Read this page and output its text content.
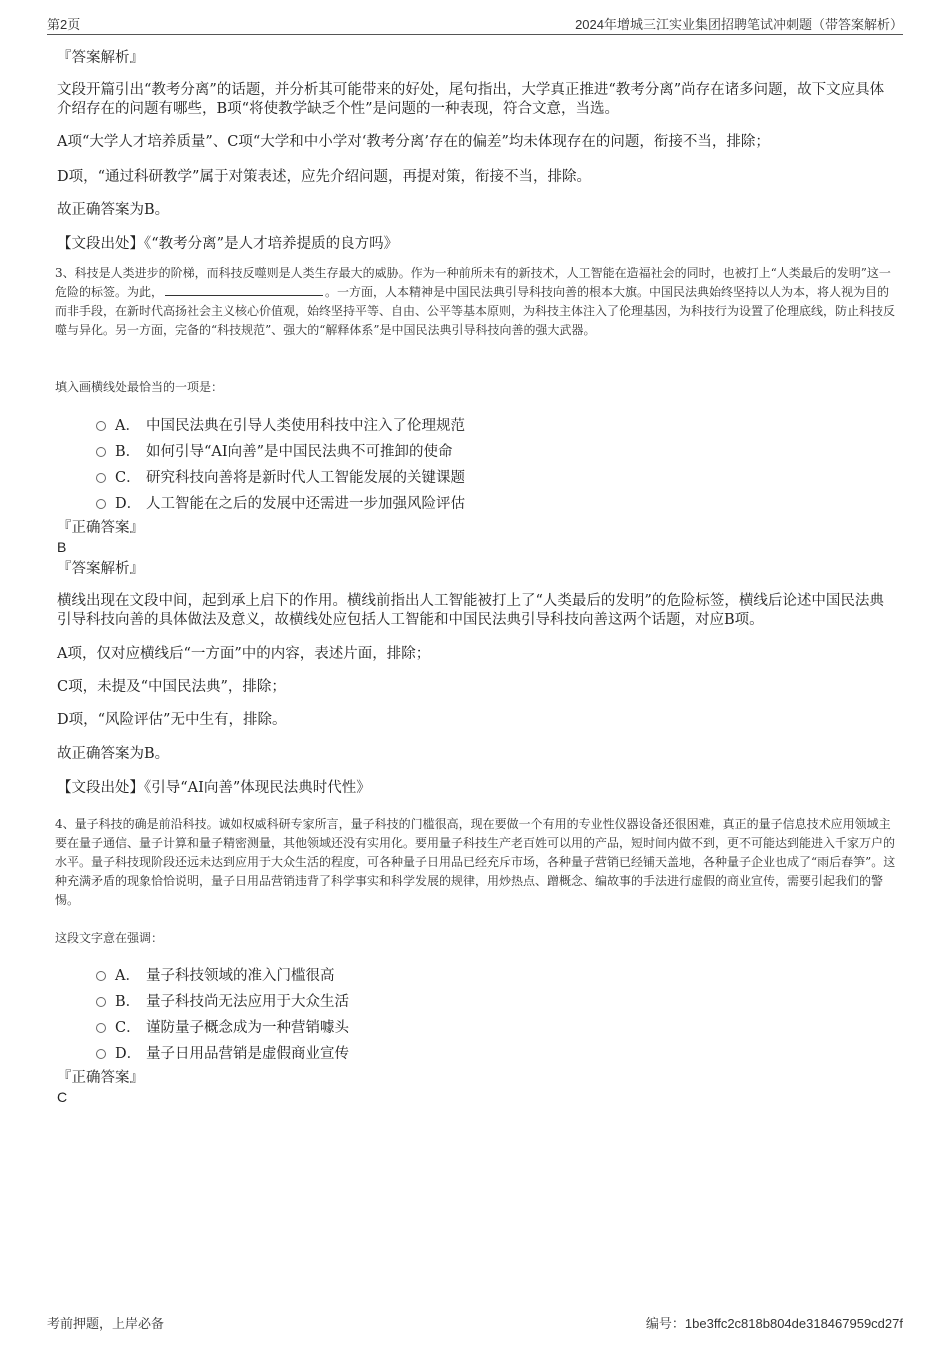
第2页	2024年增城三江实业集团招聘笔试冲刺题（带答案解析）

『答案解析』

文段开篇引出“教考分离”的话题，并分析其可能带来的好处，尾句指出，大学真正推进“教考分离”尚存在诸多问题，故下文应具体介绍存在的问题有哪些，B项“将使教学缺乏个性”是问题的一种表现，符合文意，当选。

A项“大学人才培养质量”、C项“大学和中小学对‘教考分离’存在的偏差”均未体现存在的问题，衔接不当，排除；

D项，“通过科研教学”属于对策表述，应先介绍问题，再提对策，衔接不当，排除。

故正确答案为B。

【文段出处】《“教考分离”是人才培养提质的良方吗》

3、科技是人类进步的阶梯，而科技反噬则是人类生存最大的威胁。作为一种前所未有的新技术，人工智能在造福社会的同时，也被打上“人类最后的发明”这一危险的标签。为此，	。一方面，人本精神是中国民法典引导科技向善的根本大旗。中国民法典始终坚持以人为本，将人视为目的而非手段，在新时代高扬社会主义核心价值观，始终坚持平等、自由、公平等基本原则，为科技主体注入了伦理基因，为科技行为设置了伦理底线，防止科技反噬与异化。另一方面，完备的“科技规范”、强大的“解释体系”是中国民法典引导科技向善的强大武器。

填入画横线处最恰当的一项是：

A． 中国民法典在引导人类使用科技中注入了伦理规范
B． 如何引导“AI向善”是中国民法典不可推卸的使命
C． 研究科技向善将是新时代人工智能发展的关键课题
D． 人工智能在之后的发展中还需进一步加强风险评估

『正确答案』

B

『答案解析』

横线出现在文段中间，起到承上启下的作用。横线前指出人工智能被打上了“人类最后的发明”的危险标签，横线后论述中国民法典引导科技向善的具体做法及意义，故横线处应包括人工智能和中国民法典引导科技向善这两个话题，对应B项。

A项，仅对应横线后“一方面”中的内容，表述片面，排除；

C项，未提及“中国民法典”，排除；

D项，“风险评估”无中生有，排除。

故正确答案为B。

【文段出处】《引导“AI向善”体现民法典时代性》

4、量子科技的确是前沿科技。诚如权威科研专家所言，量子科技的门槛很高，现在要做一个有用的专业性仪器设备还很困难，真正的量子信息技术应用领域主要在量子通信、量子计算和量子精密测量，其他领域还没有实用化。要用量子科技生产老百姓可以用的产品，短时间内做不到，更不可能达到能进入千家万户的水平。量子科技现阶段还远未达到应用于大众生活的程度，可各种量子日用品已经充斥市场，各种量子营销已经铺天盖地，各种量子企业也成了“雨后春笋”。这种充满矛盾的现象恰恰说明，量子日用品营销违背了科学事实和科学发展的规律，用炒热点、蹭概念、编故事的手法进行虚假的商业宣传，需要引起我们的警惕。

这段文字意在强调：

A． 量子科技领域的准入门槛很高
B． 量子科技尚无法应用于大众生活
C． 谨防量子概念成为一种营销噱头
D． 量子日用品营销是虚假商业宣传

『正确答案』

C

考前押题，上岸必备	编号：1be3ffc2c818b804de318467959cd27f
